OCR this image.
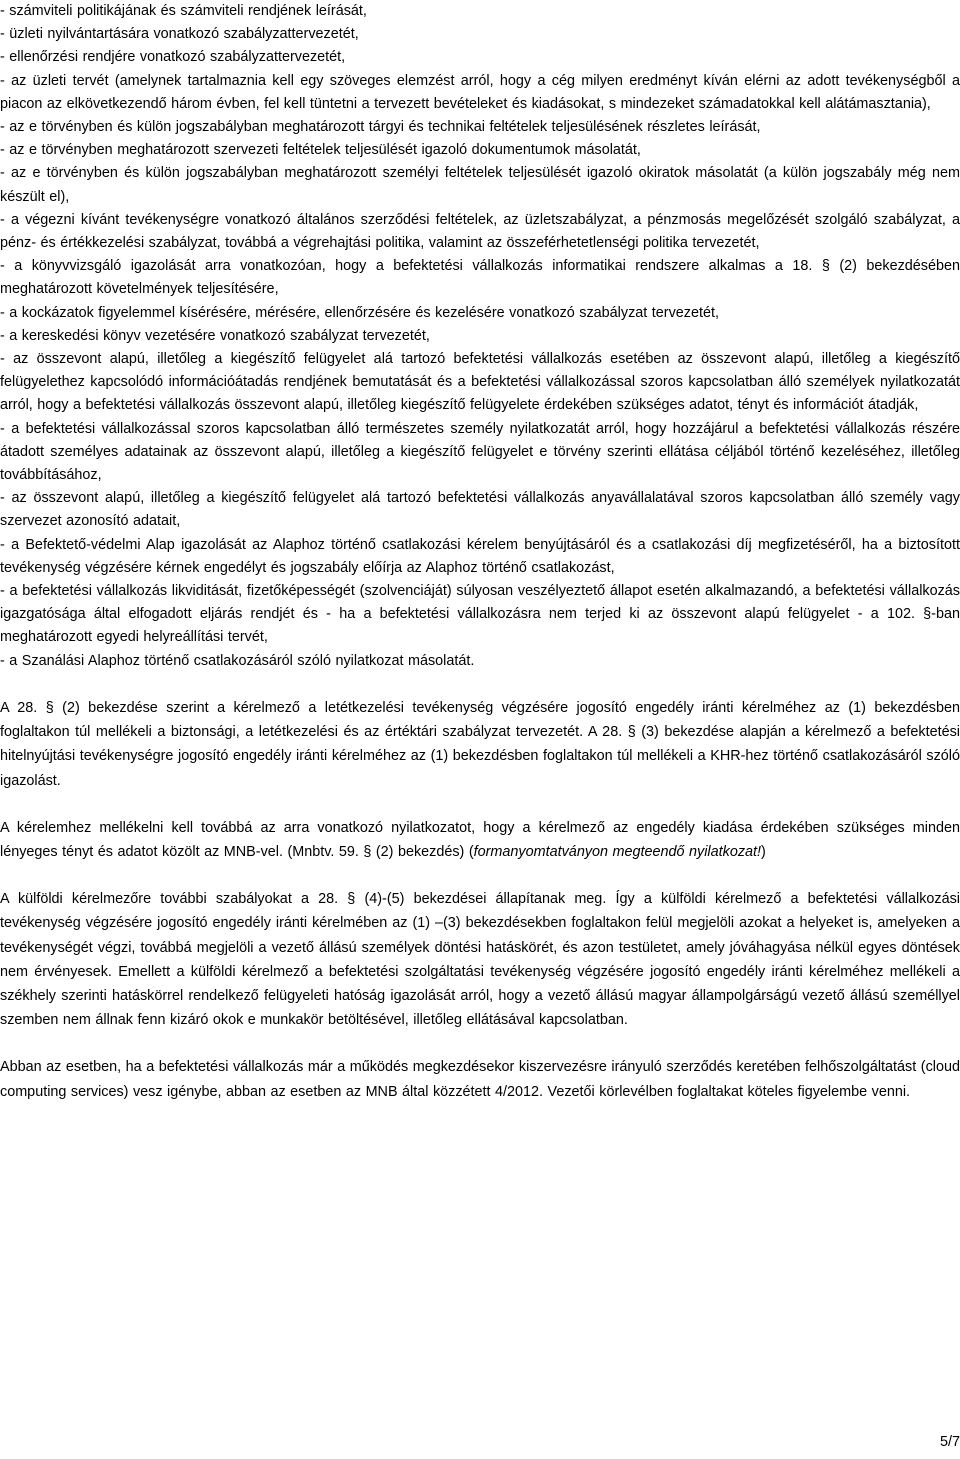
- számviteli politikájának és számviteli rendjének leírását,

- üzleti nyilvántartására vonatkozó szabályzattervezetét,

- ellenőrzési rendjére vonatkozó szabályzattervezetét,

- az üzleti tervét (amelynek tartalmaznia kell egy szöveges elemzést arról, hogy a cég milyen eredményt kíván elérni az adott tevékenységből a piacon az elkövetkezendő három évben, fel kell tüntetni a tervezett bevételeket és kiadásokat, s mindezeket számadatokkal kell alátámasztania),

- az e törvényben és külön jogszabályban meghatározott tárgyi és technikai feltételek teljesülésének részletes leírását,

- az e törvényben meghatározott szervezeti feltételek teljesülését igazoló dokumentumok másolatát,

- az e törvényben és külön jogszabályban meghatározott személyi feltételek teljesülését igazoló okiratok másolatát (a külön jogszabály még nem készült el),

- a végezni kívánt tevékenységre vonatkozó általános szerződési feltételek, az üzletszabályzat, a pénzmosás megelőzését szolgáló szabályzat, a pénz- és értékkezelési szabályzat, továbbá a végrehajtási politika, valamint az összeférhetetlenségi politika tervezetét,

- a könyvvizsgáló igazolását arra vonatkozóan, hogy a befektetési vállalkozás informatikai rendszere alkalmas a 18. § (2) bekezdésében meghatározott követelmények teljesítésére,

- a kockázatok figyelemmel kísérésére, mérésére, ellenőrzésére és kezelésére vonatkozó szabályzat tervezetét,

- a kereskedési könyv vezetésére vonatkozó szabályzat tervezetét,

- az összevont alapú, illetőleg a kiegészítő felügyelet alá tartozó befektetési vállalkozás esetében az összevont alapú, illetőleg a kiegészítő felügyelethez kapcsolódó információátadás rendjének bemutatását és a befektetési vállalkozással szoros kapcsolatban álló személyek nyilatkozatát arról, hogy a befektetési vállalkozás összevont alapú, illetőleg kiegészítő felügyelete érdekében szükséges adatot, tényt és információt átadják,

- a befektetési vállalkozással szoros kapcsolatban álló természetes személy nyilatkozatát arról, hogy hozzájárul a befektetési vállalkozás részére átadott személyes adatainak az összevont alapú, illetőleg a kiegészítő felügyelet e törvény szerinti ellátása céljából történő kezeléséhez, illetőleg továbbításához,

- az összevont alapú, illetőleg a kiegészítő felügyelet alá tartozó befektetési vállalkozás anyavállalatával szoros kapcsolatban álló személy vagy szervezet azonosító adatait,

- a Befektető-védelmi Alap igazolását az Alaphoz történő csatlakozási kérelem benyújtásáról és a csatlakozási díj megfizetéséről, ha a biztosított tevékenység végzésére kérnek engedélyt és jogszabály előírja az Alaphoz történő csatlakozást,

- a befektetési vállalkozás likviditását, fizetőképességét (szolvenciáját) súlyosan veszélyeztető állapot esetén alkalmazandó, a befektetési vállalkozás igazgatósága által elfogadott eljárás rendjét és - ha a befektetési vállalkozásra nem terjed ki az összevont alapú felügyelet - a 102. §-ban meghatározott egyedi helyreállítási tervét,

- a Szanálási Alaphoz történő csatlakozásáról szóló nyilatkozat másolatát.

A 28. § (2) bekezdése szerint a kérelmező a letétkezelési tevékenység végzésére jogosító engedély iránti kérelméhez az (1) bekezdésben foglaltakon túl mellékeli a biztonsági, a letétkezelési és az értéktári szabályzat tervezetét. A 28. § (3) bekezdése alapján a kérelmező a befektetési hitelnyújtási tevékenységre jogosító engedély iránti kérelméhez az (1) bekezdésben foglaltakon túl mellékeli a KHR-hez történő csatlakozásáról szóló igazolást.

A kérelemhez mellékelni kell továbbá az arra vonatkozó nyilatkozatot, hogy a kérelmező az engedély kiadása érdekében szükséges minden lényeges tényt és adatot közölt az MNB-vel. (Mnbtv. 59. § (2) bekezdés) (formanyomtatványon megteendő nyilatkozat!)

A külföldi kérelmezőre további szabályokat a 28. § (4)-(5) bekezdései állapítanak meg. Így a külföldi kérelmező a befektetési vállalkozási tevékenység végzésére jogosító engedély iránti kérelmében az (1) –(3) bekezdésekben foglaltakon felül megjelöli azokat a helyeket is, amelyeken a tevékenységét végzi, továbbá megjelöli a vezető állású személyek döntési hatáskörét, és azon testületet, amely jóváhagyása nélkül egyes döntések nem érvényesek. Emellett a külföldi kérelmező a befektetési szolgáltatási tevékenység végzésére jogosító engedély iránti kérelméhez mellékeli a székhely szerinti hatáskörrel rendelkező felügyeleti hatóság igazolását arról, hogy a vezető állású magyar állampolgárságú vezető állású személlyel szemben nem állnak fenn kizáró okok e munkakör betöltésével, illetőleg ellátásával kapcsolatban.

Abban az esetben, ha a befektetési vállalkozás már a működés megkezdésekor kiszervezésre irányuló szerződés keretében felhőszolgáltatást (cloud computing services) vesz igénybe, abban az esetben az MNB által közzétett 4/2012. Vezetői körlevélben foglaltakat köteles figyelembe venni.

5/7
